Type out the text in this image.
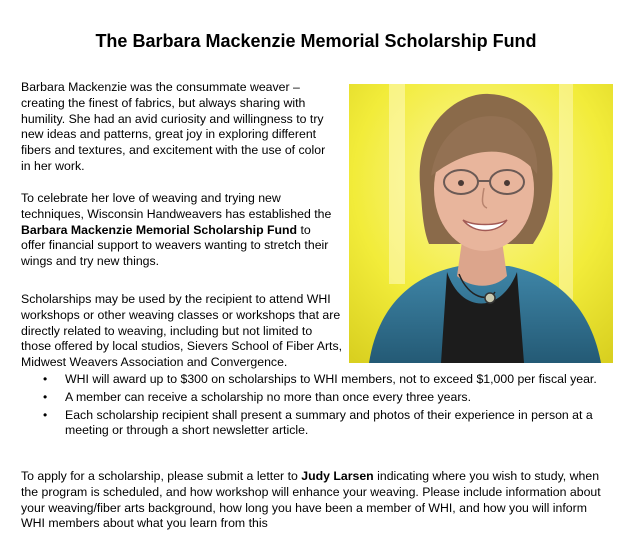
The Barbara Mackenzie Memorial Scholarship Fund

Barbara Mackenzie was the consummate weaver – creating the finest of fabrics, but always sharing with humility. She had an avid curiosity and willingness to try new ideas and patterns, great joy in exploring different fibers and textures, and excitement with the use of color in her work.

To celebrate her love of weaving and trying new techniques, Wisconsin Handweavers has established the Barbara Mackenzie Memorial Scholarship Fund to offer financial support to weavers wanting to stretch their wings and try new things.

Scholarships may be used by the recipient to attend WHI workshops or other weaving classes or workshops that are directly related to weaving, including but not limited to those offered by local studios, Sievers School of Fiber Arts, Midwest Weavers Association and Convergence.

• WHI will award up to $300 on scholarships to WHI members, not to exceed $1,000 per fiscal year.
• A member can receive a scholarship no more than once every three years.
• Each scholarship recipient shall present a summary and photos of their experience in person at a meeting or through a short newsletter article.

To apply for a scholarship, please submit a letter to Judy Larsen indicating where you wish to study, when the program is scheduled, and how workshop will enhance your weaving. Please include information about your weaving/fiber arts background, how long you have been a member of WHI, and how you will inform WHI members about what you learn from this
